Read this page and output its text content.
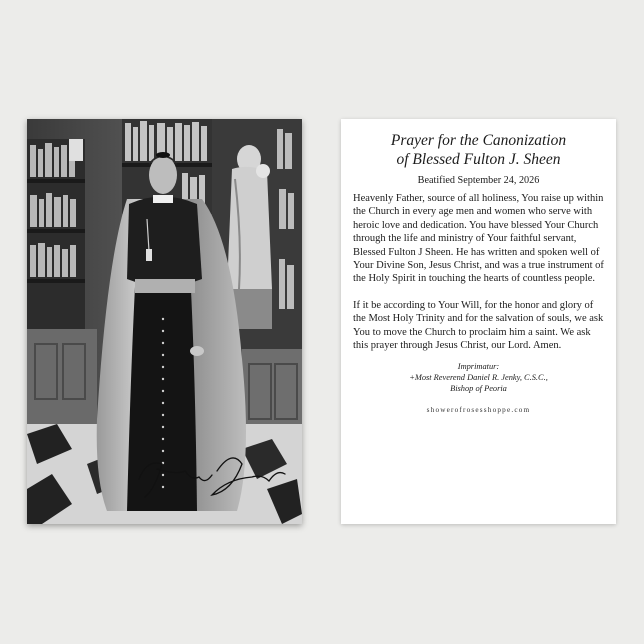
Prayer for the Canonization
of Blessed Fulton J. Sheen
Beatified September 24, 2026

Heavenly Father, source of all holiness, You raise up within the Church in every age men and women who serve with heroic love and dedication. You have blessed Your Church through the life and ministry of Your faithful servant, Blessed Fulton J Sheen. He has written and spoken well of Your Divine Son, Jesus Christ, and was a true instrument of the Holy Spirit in touching the hearts of countless people.

If it be according to Your Will, for the honor and glory of the Most Holy Trinity and for the salvation of souls, we ask You to move the Church to proclaim him a saint. We ask this prayer through Jesus Christ, our Lord. Amen.

Imprimatur:
+Most Reverend Daniel R. Jenky, C.S.C.,
Bishop of Peoria
showerofrosesshoppe.com
